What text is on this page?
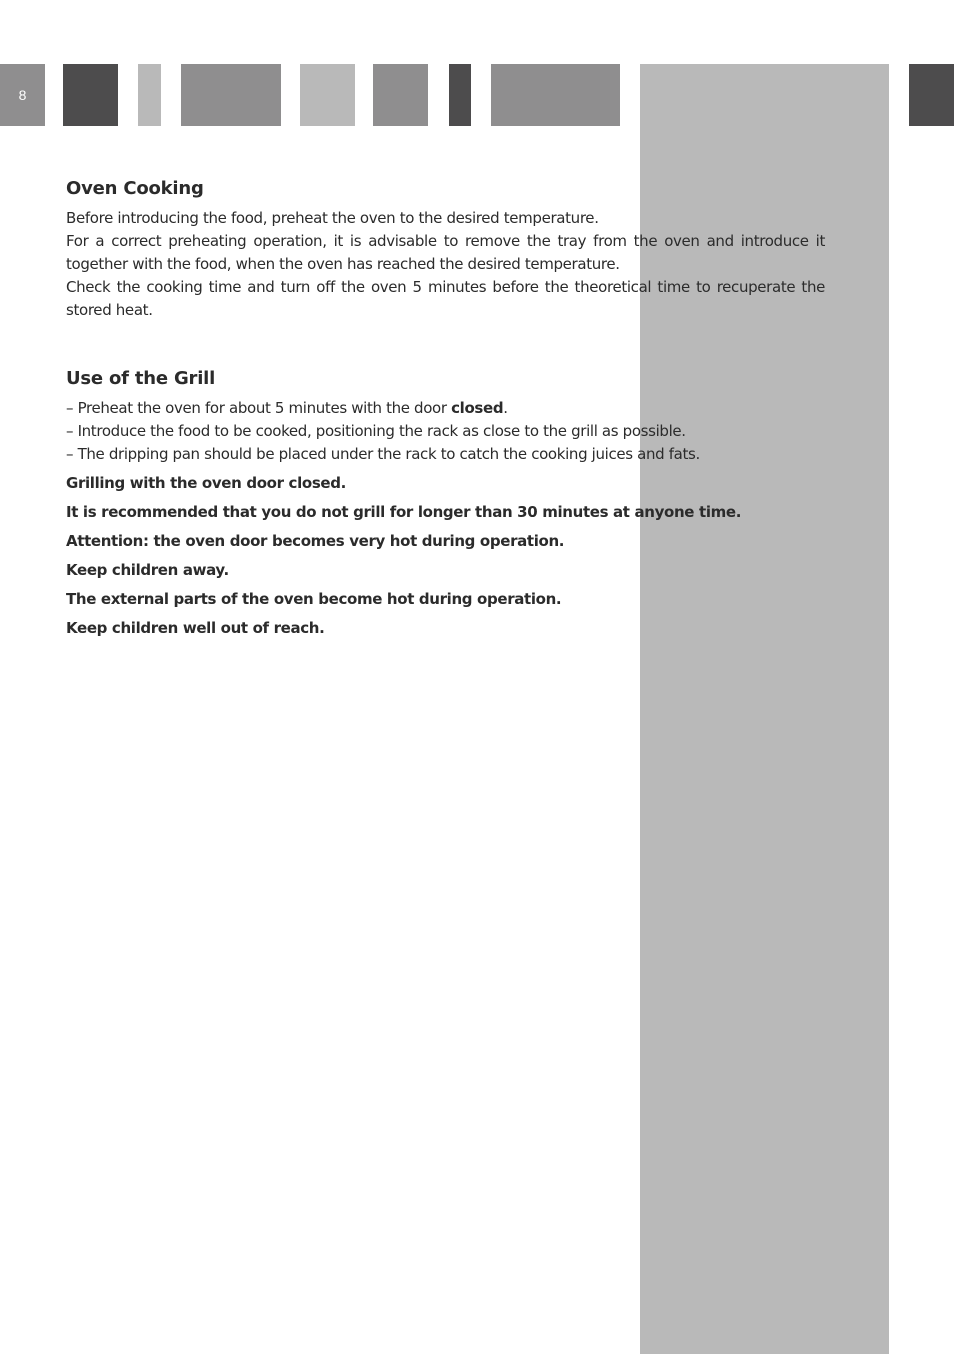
8
Oven Cooking

Before introducing the food, preheat the oven to the desired temperature.

For a correct preheating operation, it is advisable to remove the tray from the oven and introduce it together with the food, when the oven has reached the desired temperature.

Check the cooking time and turn off the oven 5 minutes before the theoretical time to recuperate the stored heat.

Use of the Grill

– Preheat the oven for about 5 minutes with the door closed.

– Introduce the food to be cooked, positioning the rack as close to the grill as possible.

– The dripping pan should be placed under the rack to catch the cooking juices and fats.

Grilling with the oven door closed.

It is recommended that you do not grill for longer than 30 minutes at anyone time.

Attention: the oven door becomes very hot during operation.

Keep children away.

The external parts of the oven become hot during operation.

Keep children well out of reach.
